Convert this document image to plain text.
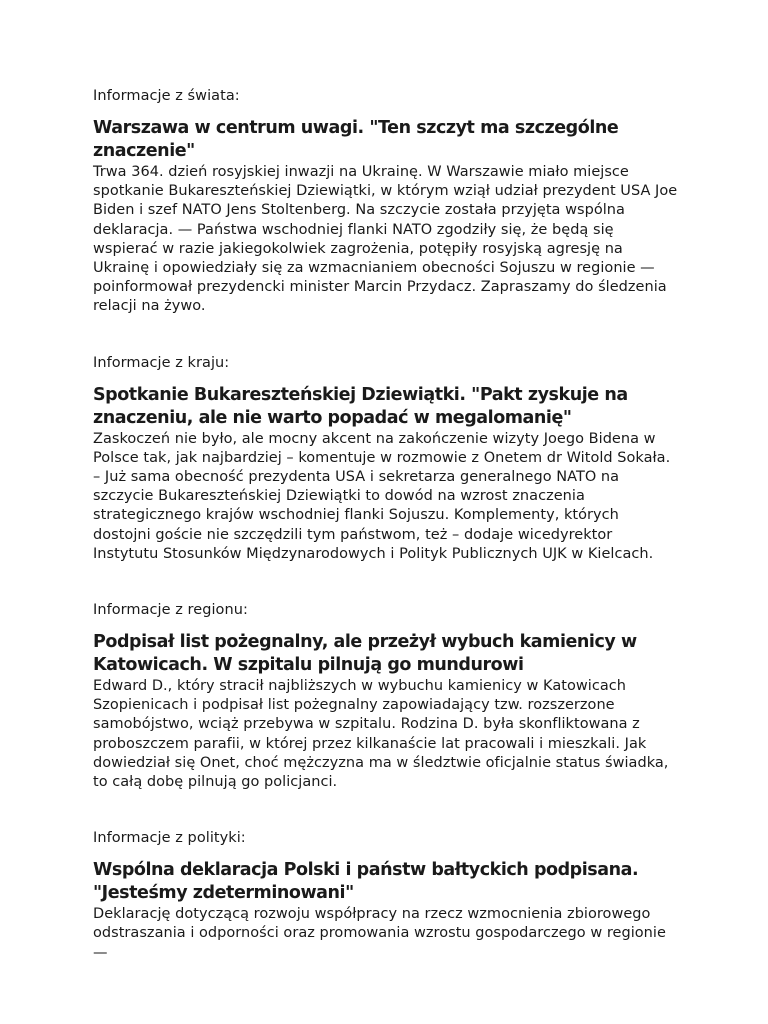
Informacje z świata:

Warszawa w centrum uwagi. "Ten szczyt ma szczególne znaczenie"

Trwa 364. dzień rosyjskiej inwazji na Ukrainę. W Warszawie miało miejsce spotkanie Bukaresztеńskiej Dziewiątki, w którym wziął udział prezydent USA Joe Biden i szef NATO Jens Stoltenberg. Na szczycie została przyjęta wspólna deklaracja. — Państwa wschodniej flanki NATO zgodziły się, że będą się wspierać w razie jakiegokolwiek zagrożenia, potępiły rosyjską agresję na Ukrainę i opowiedziały się za wzmacnianiem obecności Sojuszu w regionie — poinformował prezydencki minister Marcin Przydacz. Zapraszamy do śledzenia relacji na żywo.

Informacje z kraju:

Spotkanie Bukaresztеńskiej Dziewiątki. "Pakt zyskuje na znaczeniu, ale nie warto popadać w megalomanię"

Zaskoczeń nie było, ale mocny akcent na zakończenie wizyty Joego Bidena w Polsce tak, jak najbardziej – komentuje w rozmowie z Onetem dr Witold Sokała. – Już sama obecność prezydenta USA i sekretarza generalnego NATO na szczycie Bukaresztеńskiej Dziewiątki to dowód na wzrost znaczenia strategicznego krajów wschodniej flanki Sojuszu. Komplementy, których dostojni goście nie szczędzili tym państwom, też – dodaje wicedyrektor Instytutu Stosunków Międzynarodowych i Polityk Publicznych UJK w Kielcach.

Informacje z regionu:

Podpisał list pożegnalny, ale przeżył wybuch kamienicy w Katowicach. W szpitalu pilnują go mundurowi

Edward D., który stracił najbliższych w wybuchu kamienicy w Katowicach Szopienicach i podpisał list pożegnalny zapowiadający tzw. rozszerzone samobójstwo, wciąż przebywa w szpitalu. Rodzina D. była skonfliktowana z proboszczem parafii, w której przez kilkanaście lat pracowali i mieszkali. Jak dowiedział się Onet, choć mężczyzna ma w śledztwie oficjalnie status świadka, to całą dobę pilnują go policjanci.

Informacje z polityki:

Wspólna deklaracja Polski i państw bałtyckich podpisana. "Jesteśmy zdeterminowani"

Deklarację dotyczącą rozwoju współpracy na rzecz wzmocnienia zbiorowego odstraszania i odporności oraz promowania wzrostu gospodarczego w regionie —
